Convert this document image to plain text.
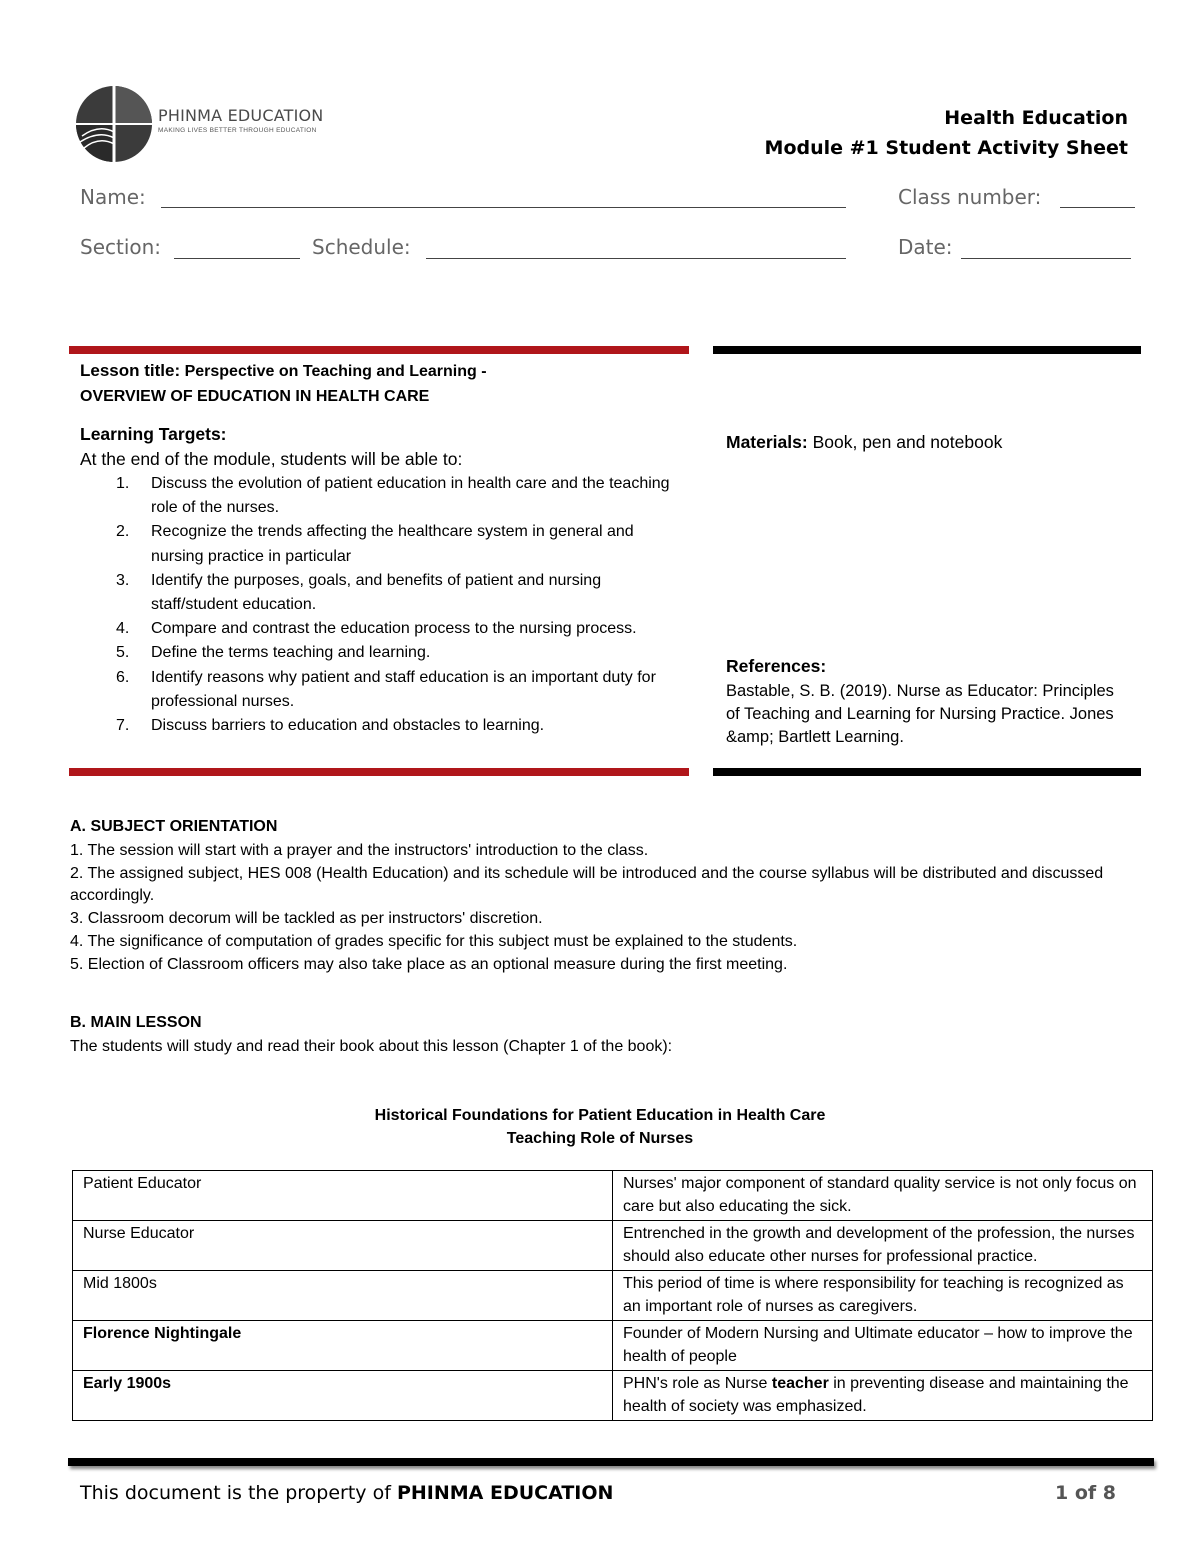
PHINMA EDUCATION
MAKING LIVES BETTER THROUGH EDUCATION
Health Education
Module #1 Student Activity Sheet
Name:	Class number:
Section:	Schedule:	Date:
Lesson title: Perspective on Teaching and Learning -
OVERVIEW OF EDUCATION IN HEALTH CARE
Learning Targets:
At the end of the module, students will be able to:
1. Discuss the evolution of patient education in health care and the teaching role of the nurses.
2. Recognize the trends affecting the healthcare system in general and nursing practice in particular
3. Identify the purposes, goals, and benefits of patient and nursing staff/student education.
4. Compare and contrast the education process to the nursing process.
5. Define the terms teaching and learning.
6. Identify reasons why patient and staff education is an important duty for professional nurses.
7. Discuss barriers to education and obstacles to learning.
Materials: Book, pen and notebook
References:
Bastable, S. B. (2019). Nurse as Educator: Principles of Teaching and Learning for Nursing Practice. Jones &amp; Bartlett Learning.
A. SUBJECT ORIENTATION
1. The session will start with a prayer and the instructors' introduction to the class.
2. The assigned subject, HES 008 (Health Education) and its schedule will be introduced and the course syllabus will be distributed and discussed accordingly.
3. Classroom decorum will be tackled as per instructors' discretion.
4. The significance of computation of grades specific for this subject must be explained to the students.
5. Election of Classroom officers may also take place as an optional measure during the first meeting.
B. MAIN LESSON
The students will study and read their book about this lesson (Chapter 1 of the book):
Historical Foundations for Patient Education in Health Care
Teaching Role of Nurses
Patient Educator	Nurses' major component of standard quality service is not only focus on care but also educating the sick.
Nurse Educator	Entrenched in the growth and development of the profession, the nurses should also educate other nurses for professional practice.
Mid 1800s	This period of time is where responsibility for teaching is recognized as an important role of nurses as caregivers.
Florence Nightingale	Founder of Modern Nursing and Ultimate educator – how to improve the health of people
Early 1900s	PHN's role as Nurse teacher in preventing disease and maintaining the health of society was emphasized.
This document is the property of PHINMA EDUCATION	1 of 8
